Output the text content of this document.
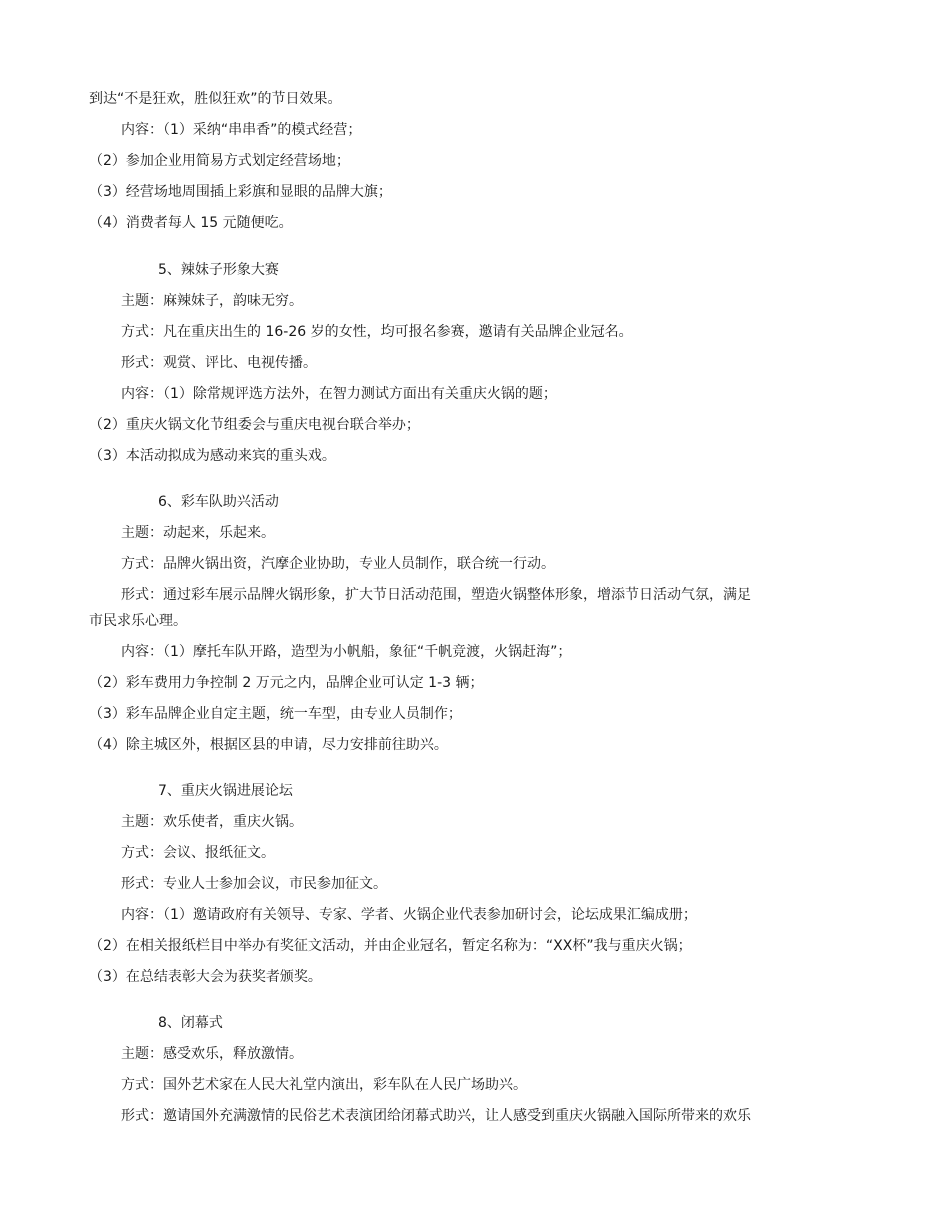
到达“不是狂欢，胜似狂欢”的节日效果。
内容：（1）采纳“串串香”的模式经营；
（2）参加企业用简易方式划定经营场地；
（3）经营场地周围插上彩旗和显眼的品牌大旗；
（4）消费者每人 15 元随便吃。
5、辣妹子形象大赛
主题：麻辣妹子，韵味无穷。
方式：凡在重庆出生的 16-26 岁的女性，均可报名参赛，邀请有关品牌企业冠名。
形式：观赏、评比、电视传播。
内容：（1）除常规评选方法外，在智力测试方面出有关重庆火锅的题；
（2）重庆火锅文化节组委会与重庆电视台联合举办；
（3）本活动拟成为感动来宾的重头戏。
6、彩车队助兴活动
主题：动起来，乐起来。
方式：品牌火锅出资，汽摩企业协助，专业人员制作，联合统一行动。
形式：通过彩车展示品牌火锅形象，扩大节日活动范围，塑造火锅整体形象，增添节日活动气氛，满足
市民求乐心理。
内容：（1）摩托车队开路，造型为小帆船，象征“千帆竞渡，火锅赶海”；
（2）彩车费用力争控制 2 万元之内，品牌企业可认定 1-3 辆；
（3）彩车品牌企业自定主题，统一车型，由专业人员制作；
（4）除主城区外，根据区县的申请，尽力安排前往助兴。
7、重庆火锅进展论坛
主题：欢乐使者，重庆火锅。
方式：会议、报纸征文。
形式：专业人士参加会议，市民参加征文。
内容：（1）邀请政府有关领导、专家、学者、火锅企业代表参加研讨会，论坛成果汇编成册；
（2）在相关报纸栏目中举办有奖征文活动，并由企业冠名，暂定名称为：“XX杯”我与重庆火锅；
（3）在总结表彰大会为获奖者颁奖。
8、闭幕式
主题：感受欢乐，释放激情。
方式：国外艺术家在人民大礼堂内演出，彩车队在人民广场助兴。
形式：邀请国外充满激情的民俗艺术表演团给闭幕式助兴，让人感受到重庆火锅融入国际所带来的欢乐
